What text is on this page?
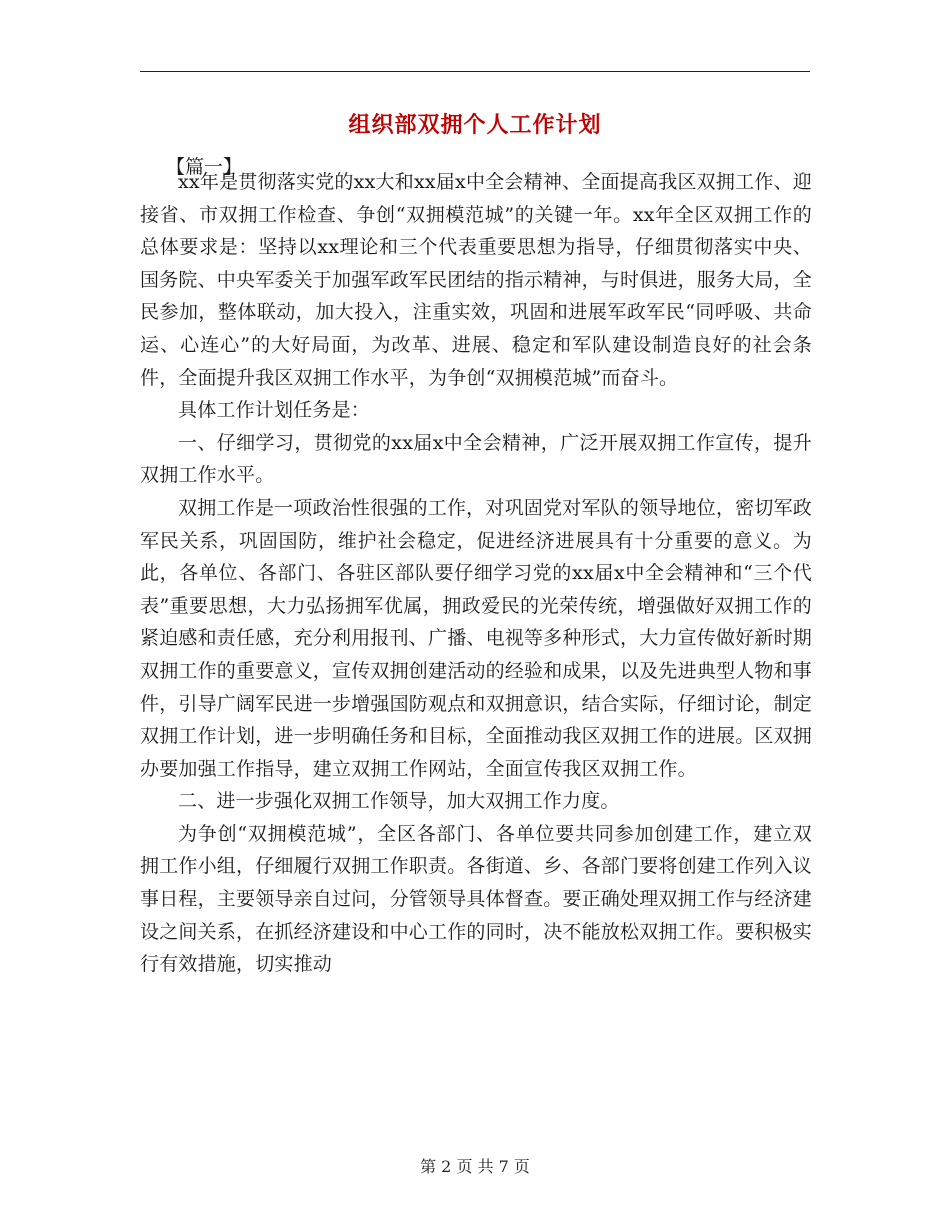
组织部双拥个人工作计划
【篇一】

xx年是贯彻落实党的xx大和xx届x中全会精神、全面提高我区双拥工作、迎接省、市双拥工作检查、争创“双拥模范城”的关键一年。xx年全区双拥工作的总体要求是：坚持以xx理论和三个代表重要思想为指导，仔细贯彻落实中央、国务院、中央军委关于加强军政军民团结的指示精神，与时俱进，服务大局，全民参加，整体联动，加大投入，注重实效，巩固和进展军政军民“同呼吸、共命运、心连心”的大好局面，为改革、进展、稳定和军队建设制造良好的社会条件，全面提升我区双拥工作水平，为争创“双拥模范城”而奋斗。

具体工作计划任务是：

一、仔细学习，贯彻党的xx届x中全会精神，广泛开展双拥工作宣传，提升双拥工作水平。

双拥工作是一项政治性很强的工作，对巩固党对军队的领导地位，密切军政军民关系，巩固国防，维护社会稳定，促进经济进展具有十分重要的意义。为此，各单位、各部门、各驻区部队要仔细学习党的xx届x中全会精神和“三个代表”重要思想，大力弘扬拥军优属，拥政爱民的光荣传统，增强做好双拥工作的紧迫感和责任感，充分利用报刊、广播、电视等多种形式，大力宣传做好新时期双拥工作的重要意义，宣传双拥创建活动的经验和成果，以及先进典型人物和事件，引导广阔军民进一步增强国防观点和双拥意识，结合实际，仔细讨论，制定双拥工作计划，进一步明确任务和目标，全面推动我区双拥工作的进展。区双拥办要加强工作指导，建立双拥工作网站，全面宣传我区双拥工作。

二、进一步强化双拥工作领导，加大双拥工作力度。

为争创“双拥模范城”，全区各部门、各单位要共同参加创建工作，建立双拥工作小组，仔细履行双拥工作职责。各街道、乡、各部门要将创建工作列入议事日程，主要领导亲自过问，分管领导具体督查。要正确处理双拥工作与经济建设之间关系，在抓经济建设和中心工作的同时，决不能放松双拥工作。要积极实行有效措施，切实推动

第 2 页 共 7 页
